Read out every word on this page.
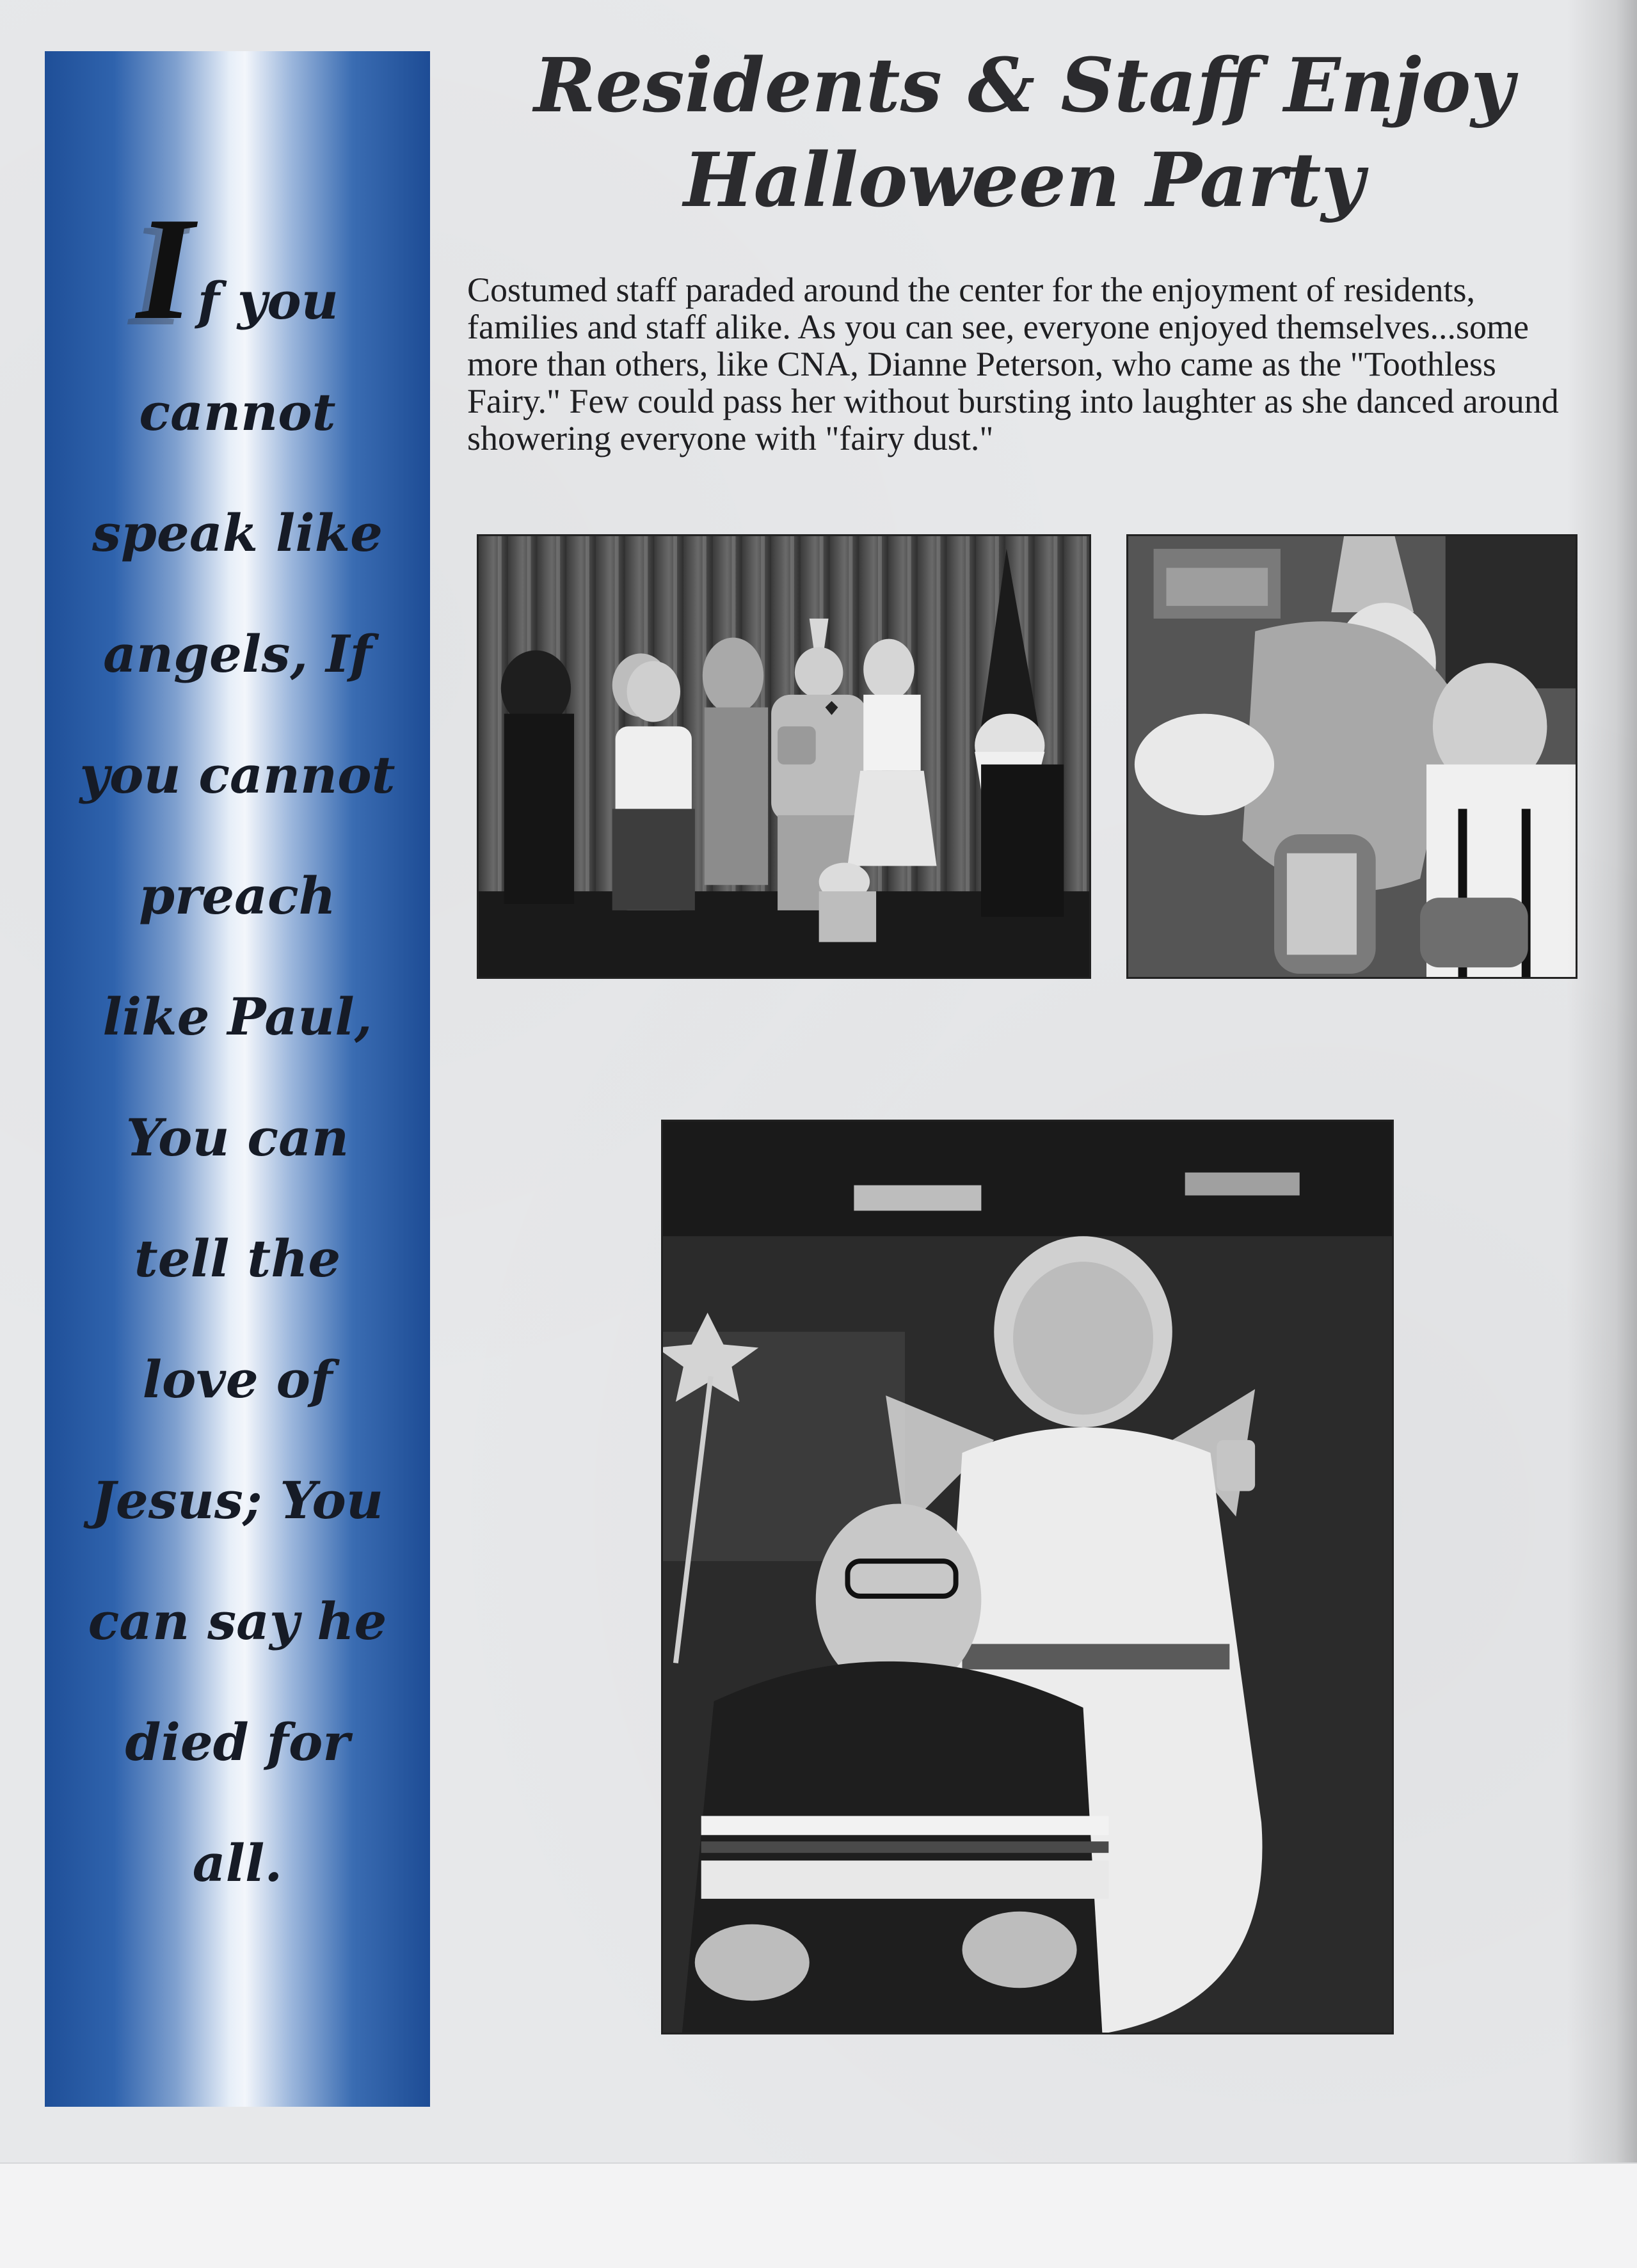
If you
cannot
speak like
angels, If
you cannot
preach
like Paul,
You can
tell the
love of
Jesus; You
can say he
died for
all.
Residents & Staff Enjoy
Halloween Party

Costumed staff paraded around the center for the enjoyment of residents, families and staff alike. As you can see, everyone enjoyed themselves...some more than others, like CNA, Dianne Peterson, who came as the "Toothless Fairy." Few could pass her without bursting into laughter as she danced around showering everyone with "fairy dust."
